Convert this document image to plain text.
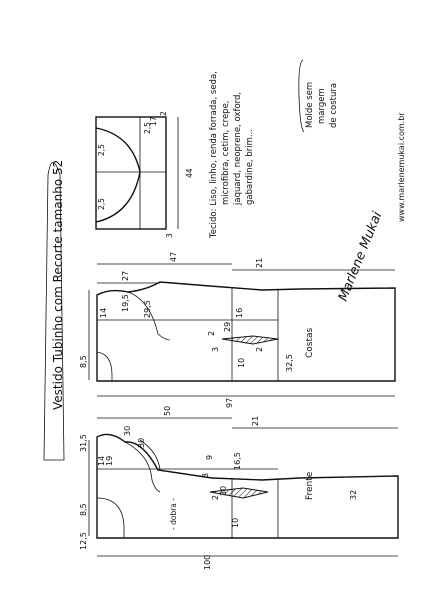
Vestido Tubinho com Recorte tamanho 52	Costas
47
21
27
29,5
19,5
14
8,5
97
2
29
16
10	32,5
3	2
Frente
- dobra -
50
21
30
30
31,5
19
14
8,5
12,5
100
32
16,5
10
3
9
2
30
44
2,5
2,5
2,5
17
2
3	Tecido: Liso, linho, renda forrada, seda, microfibra, cetim, crepe, jaquard, neoprene, oxford, gabardine, brim...
Marlene Mukai
Molde sem margem de costura
www.marlenemukai.com.br
